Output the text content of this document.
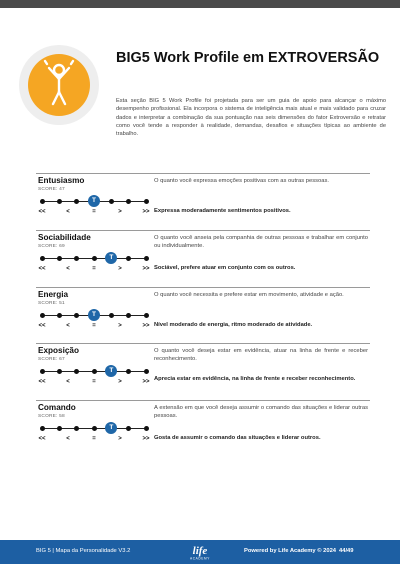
BIG5 Work Profile em EXTROVERSÃO
Esta seção BIG 5 Work Profile foi projetada para ser um guia de apoio para alcançar o máximo desempenho profissional. Ela incorpora o sistema de inteligência mais atual e mais validado para cruzar dados e interpretar a combinação da sua pontuação nas seis dimensões do fator Extroversão e retratar como você tende a responder à realidade, demandas, desafios e situações típicas ao ambiente de trabalho.
Entusiasmo
SCORE: 47
T
<<	<	=	>	>>
O quanto você expressa emoções positivas com as outras pessoas.
Expressa moderadamente sentimentos positivos.
Sociabilidade
SCORE: 69
T
<<	<	=	>	>>
O quanto você anseia pela companhia de outras pessoas e trabalhar em conjunto ou individualmente.
Sociável, prefere atuar em conjunto com os outros.
Energia
SCORE: 51
T
<<	<	=	>	>>
O quanto você necessita e prefere estar em movimento, atividade e ação.
Nível moderado de energia, ritmo moderado de atividade.
Exposição
SCORE: 67
T
<<	<	=	>	>>
O quanto você deseja estar em evidência, atuar na linha de frente e receber reconhecimento.
Aprecia estar em evidência, na linha de frente e receber reconhecimento.
Comando
SCORE: 58
T
<<	<	=	>	>>
A extensão em que você deseja assumir o comando das situações e liderar outras pessoas.
Gosta de assumir o comando das situações e liderar outros.
BIG 5 | Mapa da Personalidade V3.2	life
ACADEMY
Powered by Life Academy © 2024 44/49
